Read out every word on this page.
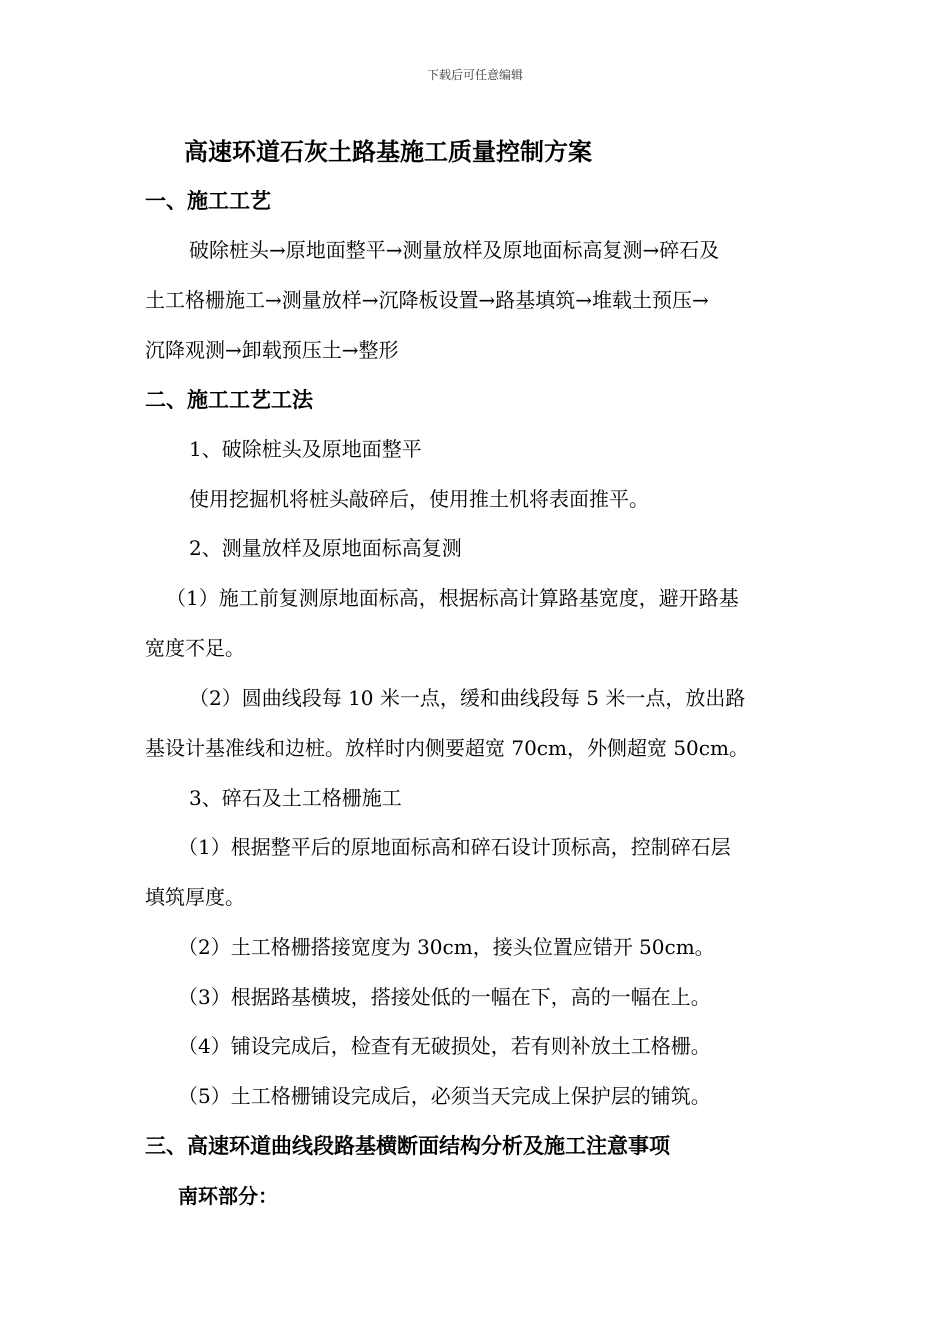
下载后可任意编辑
高速环道石灰土路基施工质量控制方案
一、施工工艺
破除桩头→原地面整平→测量放样及原地面标高复测→碎石及
土工格栅施工→测量放样→沉降板设置→路基填筑→堆载土预压→
沉降观测→卸载预压土→整形
二、施工工艺工法
1、破除桩头及原地面整平
使用挖掘机将桩头敲碎后，使用推土机将表面推平。
2、测量放样及原地面标高复测
（1）施工前复测原地面标高，根据标高计算路基宽度，避开路基
宽度不足。
（2）圆曲线段每 10 米一点，缓和曲线段每 5 米一点，放出路
基设计基准线和边桩。放样时内侧要超宽 70cm，外侧超宽 50cm。
3、碎石及土工格栅施工
（1）根据整平后的原地面标高和碎石设计顶标高，控制碎石层
填筑厚度。
（2）土工格栅搭接宽度为 30cm，接头位置应错开 50cm。
（3）根据路基横坡，搭接处低的一幅在下，高的一幅在上。
（4）铺设完成后，检查有无破损处，若有则补放土工格栅。
（5）土工格栅铺设完成后，必须当天完成上保护层的铺筑。
三、高速环道曲线段路基横断面结构分析及施工注意事项
南环部分：
